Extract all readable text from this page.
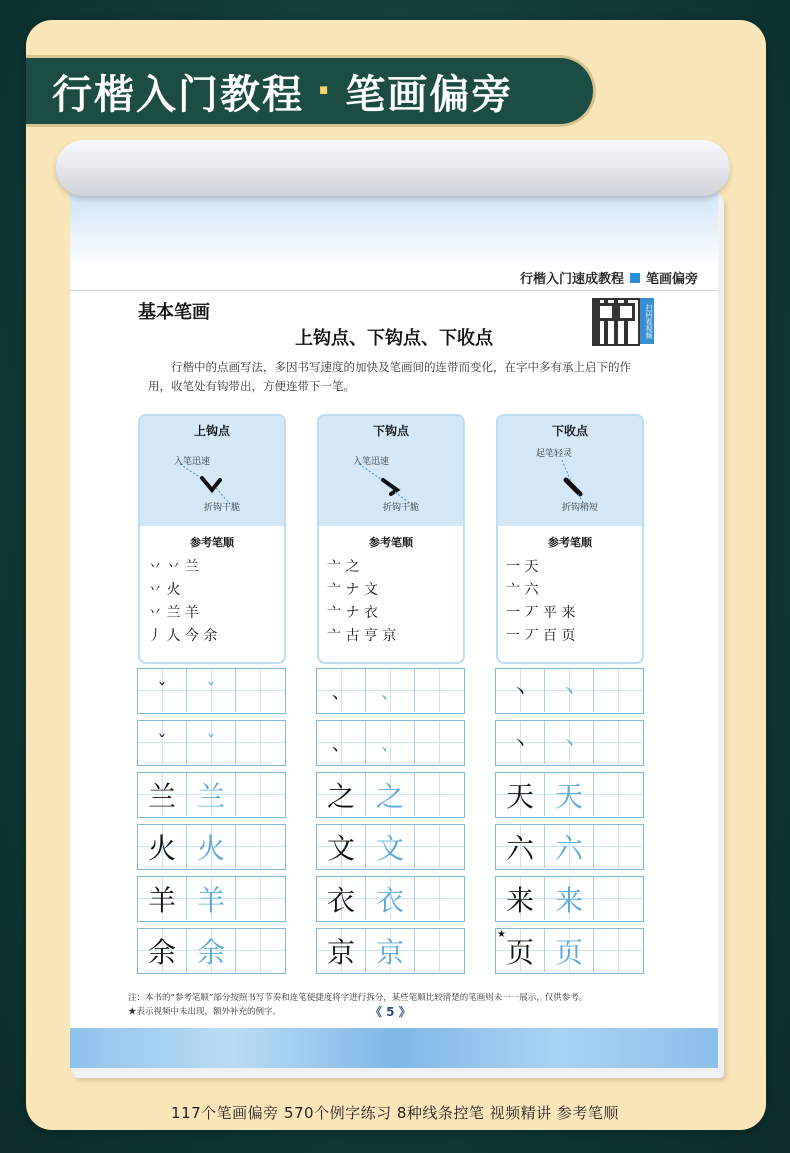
行楷入门教程 · 笔画偏旁
行楷入门速成教程 笔画偏旁
基本笔画
上钩点、下钩点、下收点	扫码看视频
行楷中的点画写法，多因书写速度的加快及笔画间的连带而变化，在字中多有承上启下的作用，收笔处有钩带出，方便连带下一笔。
上钩点
入笔迅速
折钩干脆
参考笔顺
丷 丷 兰
丷 火
丷 兰 羊
丿 人 今 余
下钩点
入笔迅速
折钩干脆
参考笔顺
亠 之
亠 ナ 文
亠 ナ 衣
亠 古 亨 京
下收点
起笔轻灵
折钩稍短
参考笔顺
一 天
亠 六
一 丆 平 来
一 丆 百 页
ˇ	ˇ
ˇ	ˇ
兰 兰
火 火
羊 羊
余 余
、	、
、	、
之 之
文 文
衣 衣
京 京
丶	丶
丶	丶
天 天
六 六
来 来
★
页 页
注：本书的“参考笔顺”部分按照书写节奏和连笔便捷度将字进行拆分，某些笔顺比较清楚的笔画则未一一展示，仅供参考。
★表示视频中未出现，额外补充的例字。	《 5 》
117个笔画偏旁 570个例字练习 8种线条控笔 视频精讲 参考笔顺
